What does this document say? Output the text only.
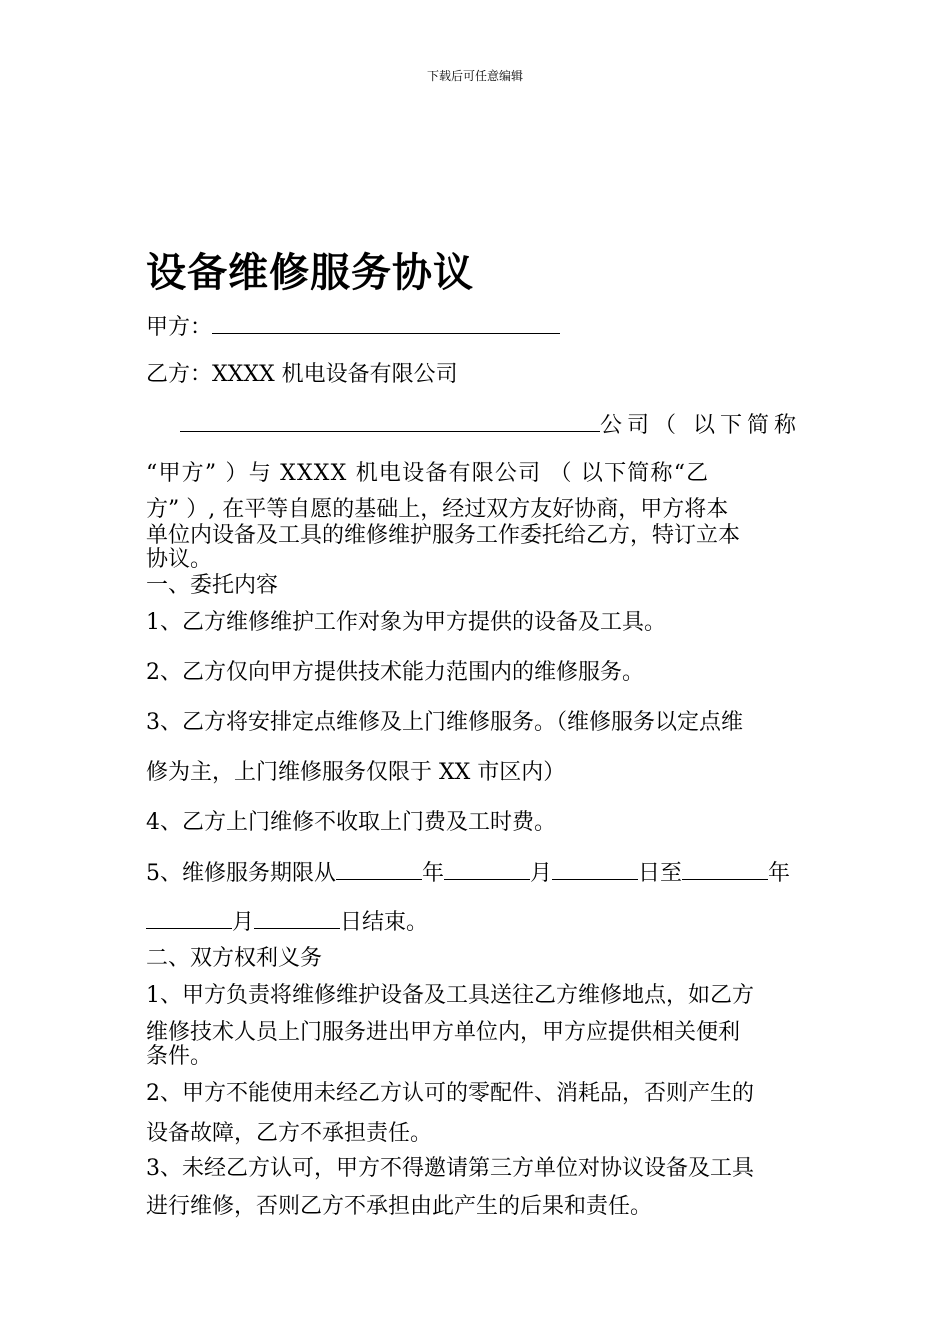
下载后可任意编辑
设备维修服务协议
甲方：
乙方：XXXX 机电设备有限公司
公司（ 以下简称
“甲方” ）与 XXXX 机电设备有限公司 （ 以下简称“乙
方” ）, 在平等自愿的基础上，经过双方友好协商，甲方将本
单位内设备及工具的维修维护服务工作委托给乙方，特订立本
协议。
一、委托内容
1、乙方维修维护工作对象为甲方提供的设备及工具。
2、乙方仅向甲方提供技术能力范围内的维修服务。
3、乙方将安排定点维修及上门维修服务。（维修服务以定点维
修为主，上门维修服务仅限于 XX 市区内）
4、乙方上门维修不收取上门费及工时费。
5、维修服务期限从	年	月	日至	年
月	日结束。
二、双方权利义务
1、甲方负责将维修维护设备及工具送往乙方维修地点，如乙方
维修技术人员上门服务进出甲方单位内，甲方应提供相关便利
条件。
2、甲方不能使用未经乙方认可的零配件、消耗品，否则产生的
设备故障，乙方不承担责任。
3、未经乙方认可，甲方不得邀请第三方单位对协议设备及工具
进行维修，否则乙方不承担由此产生的后果和责任。
